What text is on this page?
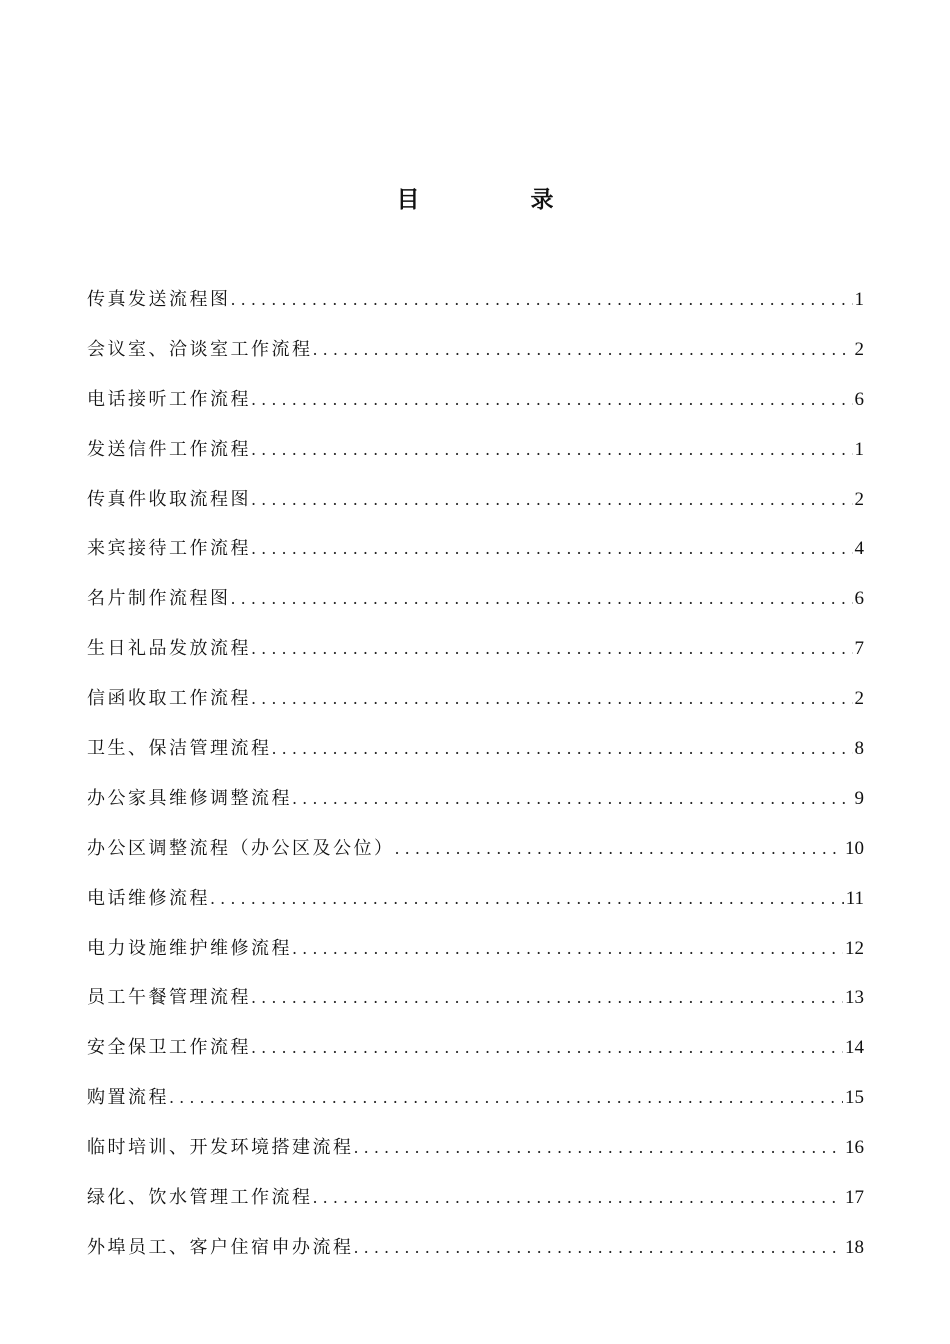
目　录
传真发送流程图 . . .	1
会议室、洽谈室工作流程 . . .	2
电话接听工作流程 . . .	6
发送信件工作流程 . . .	1
传真件收取流程图 . . .	2
来宾接待工作流程 . . .	4
名片制作流程图 . . .	6
生日礼品发放流程 . . .	7
信函收取工作流程 . . .	2
卫生、保洁管理流程 . . .	8
办公家具维修调整流程 . . .	9
办公区调整流程（办公区及公位） . . .	10
电话维修流程 . . .	11
电力设施维护维修流程 . . .	12
员工午餐管理流程 . . .	13
安全保卫工作流程 . . .	14
购置流程 . . .	15
临时培训、开发环境搭建流程 . . .	16
绿化、饮水管理工作流程 . . .	17
外埠员工、客户住宿申办流程 . . .	18
